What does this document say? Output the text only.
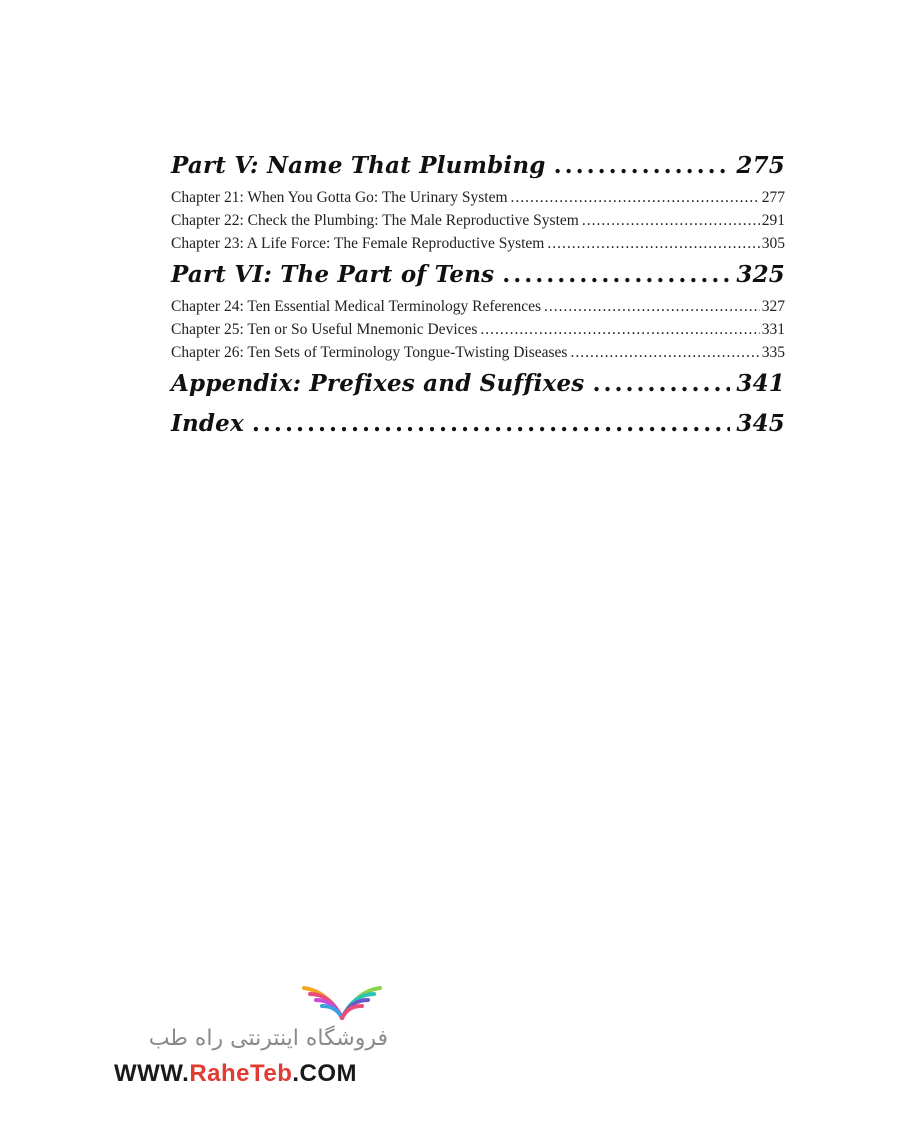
Part V: Name That Plumbing .....	275
Chapter 21: When You Gotta Go: The Urinary System .....	277
Chapter 22: Check the Plumbing: The Male Reproductive System .....	291
Chapter 23: A Life Force: The Female Reproductive System .....	305
Part VI: The Part of Tens .....	325
Chapter 24: Ten Essential Medical Terminology References .....	327
Chapter 25: Ten or So Useful Mnemonic Devices .....	331
Chapter 26: Ten Sets of Terminology Tongue-Twisting Diseases .....	335
Appendix: Prefixes and Suffixes .....	341
Index .....	345
فروشگاه اینترنتی راه طب
WWW.RaheTeb.COM
